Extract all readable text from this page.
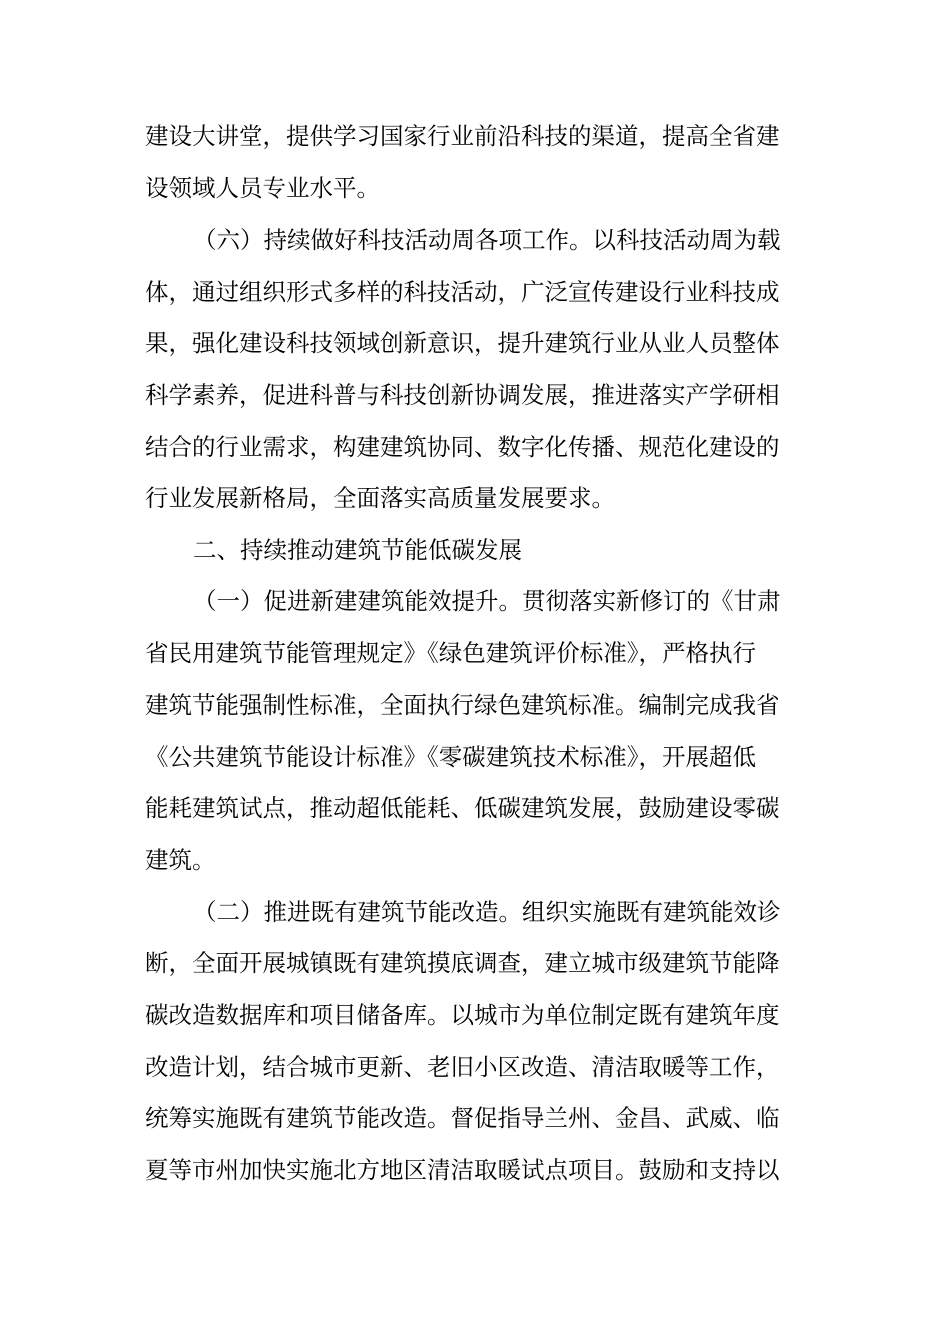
建设大讲堂，提供学习国家行业前沿科技的渠道，提高全省建
设领域人员专业水平。
（六）持续做好科技活动周各项工作。以科技活动周为载
体，通过组织形式多样的科技活动，广泛宣传建设行业科技成
果，强化建设科技领域创新意识，提升建筑行业从业人员整体
科学素养，促进科普与科技创新协调发展，推进落实产学研相
结合的行业需求，构建建筑协同、数字化传播、规范化建设的
行业发展新格局，全面落实高质量发展要求。
二、持续推动建筑节能低碳发展
（一）促进新建建筑能效提升。贯彻落实新修订的《甘肃
省民用建筑节能管理规定》《绿色建筑评价标准》，严格执行
建筑节能强制性标准，全面执行绿色建筑标准。编制完成我省
《公共建筑节能设计标准》《零碳建筑技术标准》，开展超低
能耗建筑试点，推动超低能耗、低碳建筑发展，鼓励建设零碳
建筑。
（二）推进既有建筑节能改造。组织实施既有建筑能效诊
断，全面开展城镇既有建筑摸底调查，建立城市级建筑节能降
碳改造数据库和项目储备库。以城市为单位制定既有建筑年度
改造计划，结合城市更新、老旧小区改造、清洁取暖等工作，
统筹实施既有建筑节能改造。督促指导兰州、金昌、武威、临
夏等市州加快实施北方地区清洁取暖试点项目。鼓励和支持以
